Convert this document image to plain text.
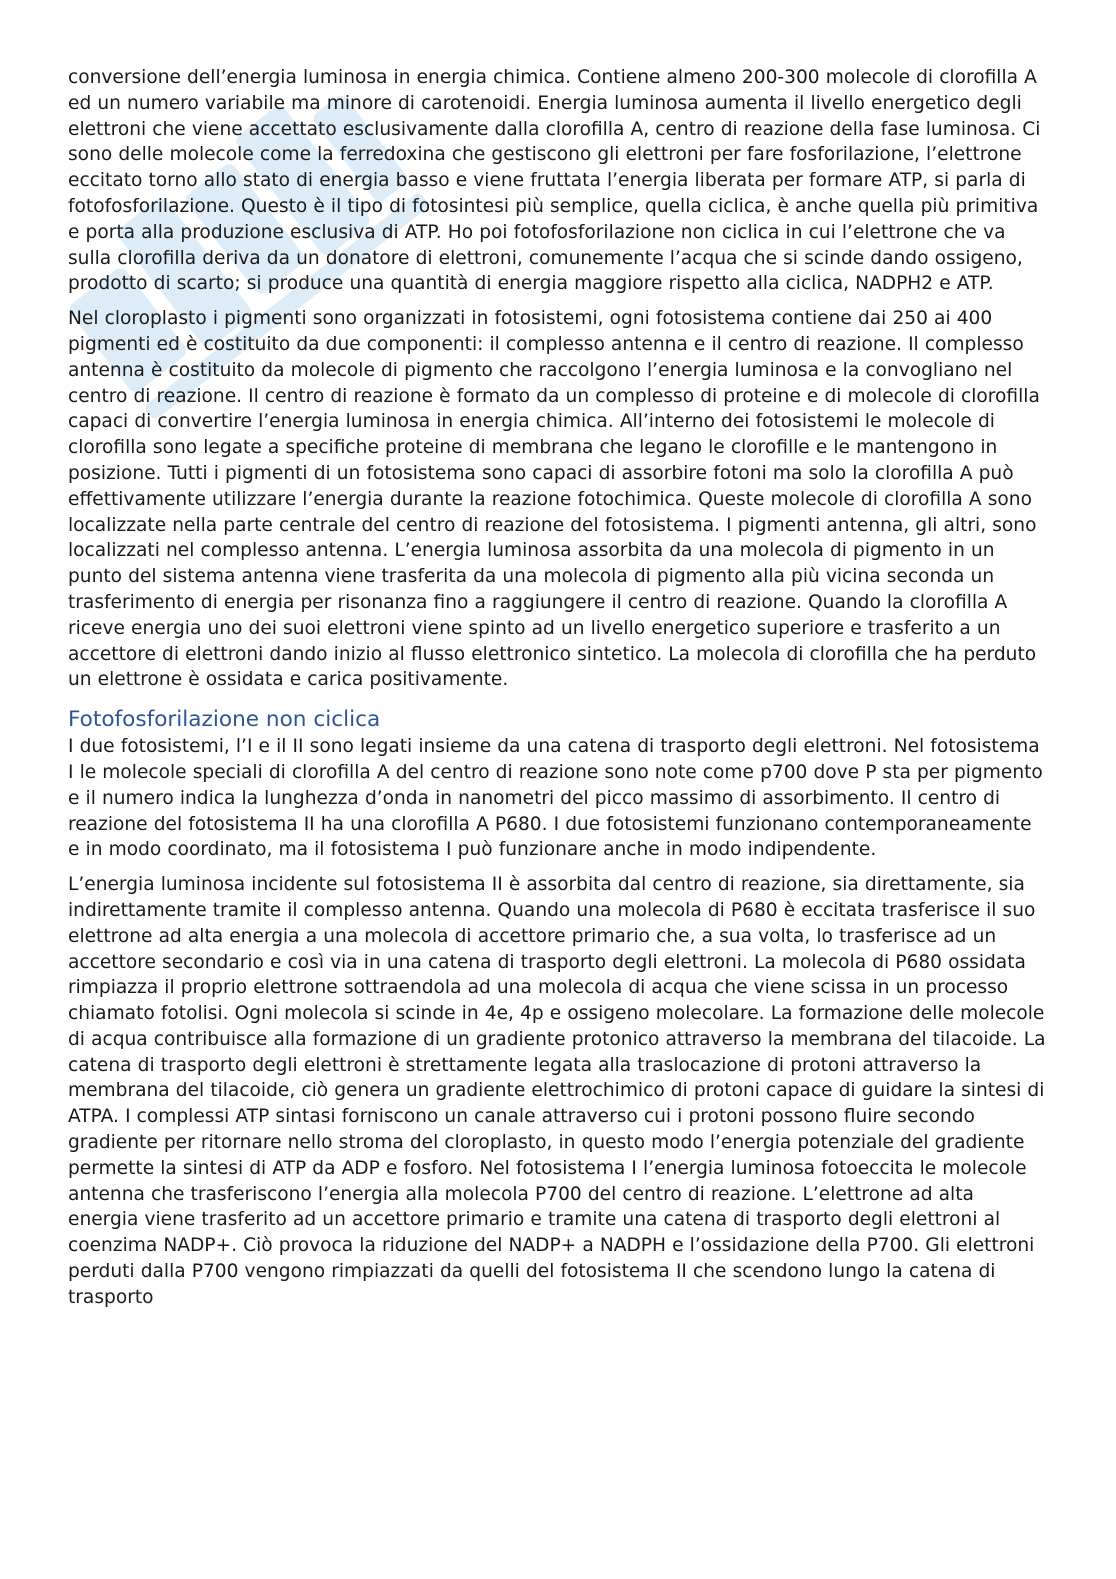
conversione dell’energia luminosa in energia chimica. Contiene almeno 200-300 molecole di clorofilla A ed un numero variabile ma minore di carotenoidi. Energia luminosa aumenta il livello energetico degli elettroni che viene accettato esclusivamente dalla clorofilla A, centro di reazione della fase luminosa. Ci sono delle molecole come la ferredoxina che gestiscono gli elettroni per fare fosforilazione, l’elettrone eccitato torno allo stato di energia basso e viene fruttata l’energia liberata per formare ATP, si parla di fotofosforilazione. Questo è il tipo di fotosintesi più semplice, quella ciclica, è anche quella più primitiva e porta alla produzione esclusiva di ATP. Ho poi fotofosforilazione non ciclica in cui l’elettrone che va sulla clorofilla deriva da un donatore di elettroni, comunemente l’acqua che si scinde dando ossigeno, prodotto di scarto; si produce una quantità di energia maggiore rispetto alla ciclica, NADPH2 e ATP.

Nel cloroplasto i pigmenti sono organizzati in fotosistemi, ogni fotosistema contiene dai 250 ai 400 pigmenti ed è costituito da due componenti: il complesso antenna e il centro di reazione. Il complesso antenna è costituito da molecole di pigmento che raccolgono l’energia luminosa e la convogliano nel centro di reazione. Il centro di reazione è formato da un complesso di proteine e di molecole di clorofilla capaci di convertire l’energia luminosa in energia chimica. All’interno dei fotosistemi le molecole di clorofilla sono legate a specifiche proteine di membrana che legano le clorofille e le mantengono in posizione. Tutti i pigmenti di un fotosistema sono capaci di assorbire fotoni ma solo la clorofilla A può effettivamente utilizzare l’energia durante la reazione fotochimica. Queste molecole di clorofilla A sono localizzate nella parte centrale del centro di reazione del fotosistema. I pigmenti antenna, gli altri, sono localizzati nel complesso antenna. L’energia luminosa assorbita da una molecola di pigmento in un punto del sistema antenna viene trasferita da una molecola di pigmento alla più vicina seconda un trasferimento di energia per risonanza fino a raggiungere il centro di reazione. Quando la clorofilla A riceve energia uno dei suoi elettroni viene spinto ad un livello energetico superiore e trasferito a un accettore di elettroni dando inizio al flusso elettronico sintetico. La molecola di clorofilla che ha perduto un elettrone è ossidata e carica positivamente.

Fotofosforilazione non ciclica

I due fotosistemi, l’I e il II sono legati insieme da una catena di trasporto degli elettroni. Nel fotosistema I le molecole speciali di clorofilla A del centro di reazione sono note come p700 dove P sta per pigmento e il numero indica la lunghezza d’onda in nanometri del picco massimo di assorbimento. Il centro di reazione del fotosistema II ha una clorofilla A P680. I due fotosistemi funzionano contemporaneamente e in modo coordinato, ma il fotosistema I può funzionare anche in modo indipendente.

L’energia luminosa incidente sul fotosistema II è assorbita dal centro di reazione, sia direttamente, sia indirettamente tramite il complesso antenna. Quando una molecola di P680 è eccitata trasferisce il suo elettrone ad alta energia a una molecola di accettore primario che, a sua volta, lo trasferisce ad un accettore secondario e così via in una catena di trasporto degli elettroni. La molecola di P680 ossidata rimpiazza il proprio elettrone sottraendola ad una molecola di acqua che viene scissa in un processo chiamato fotolisi. Ogni molecola si scinde in 4e, 4p e ossigeno molecolare. La formazione delle molecole di acqua contribuisce alla formazione di un gradiente protonico attraverso la membrana del tilacoide. La catena di trasporto degli elettroni è strettamente legata alla traslocazione di protoni attraverso la membrana del tilacoide, ciò genera un gradiente elettrochimico di protoni capace di guidare la sintesi di ATPA. I complessi ATP sintasi forniscono un canale attraverso cui i protoni possono fluire secondo gradiente per ritornare nello stroma del cloroplasto, in questo modo l’energia potenziale del gradiente permette la sintesi di ATP da ADP e fosforo. Nel fotosistema I l’energia luminosa fotoeccita le molecole antenna che trasferiscono l’energia alla molecola P700 del centro di reazione. L’elettrone ad alta energia viene trasferito ad un accettore primario e tramite una catena di trasporto degli elettroni al coenzima NADP+. Ciò provoca la riduzione del NADP+ a NADPH e l’ossidazione della P700. Gli elettroni perduti dalla P700 vengono rimpiazzati da quelli del fotosistema II che scendono lungo la catena di trasporto
